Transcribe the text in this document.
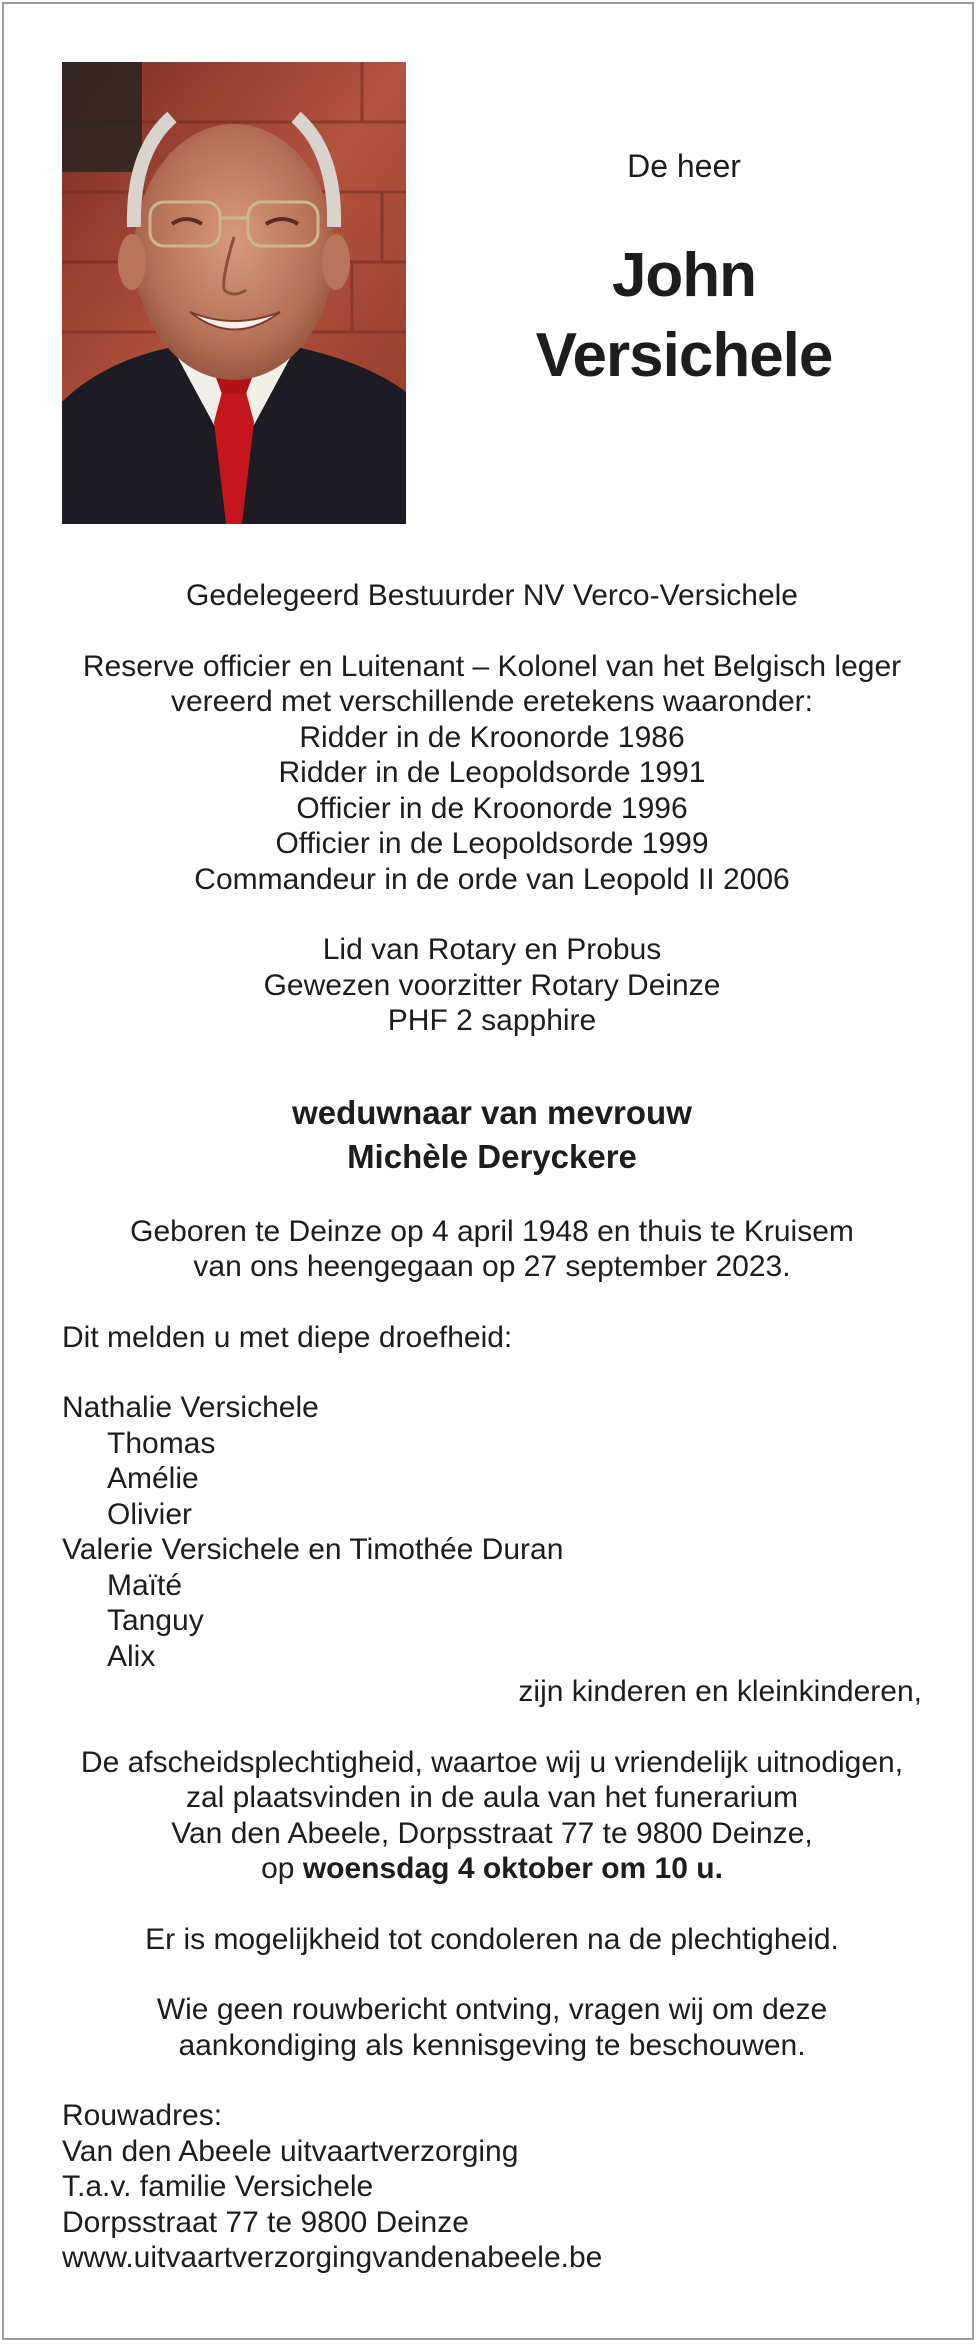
De heer

John

Versichele

Gedelegeerd Bestuurder NV Verco-Versichele
Reserve officier en Luitenant – Kolonel van het Belgisch leger
vereerd met verschillende eretekens waaronder:
Ridder in de Kroonorde 1986
Ridder in de Leopoldsorde 1991
Officier in de Kroonorde 1996
Officier in de Leopoldsorde 1999
Commandeur in de orde van Leopold II 2006
Lid van Rotary en Probus
Gewezen voorzitter Rotary Deinze
PHF 2 sapphire
weduwnaar van mevrouw
Michèle Deryckere
Geboren te Deinze op 4 april 1948 en thuis te Kruisem
van ons heengegaan op 27 september 2023.
Dit melden u met diepe droefheid:
Nathalie Versichele
Thomas
Amélie
Olivier
Valerie Versichele en Timothée Duran
Maïté
Tanguy
Alix
zijn kinderen en kleinkinderen,
De afscheidsplechtigheid, waartoe wij u vriendelijk uitnodigen,
zal plaatsvinden in de aula van het funerarium
Van den Abeele, Dorpsstraat 77 te 9800 Deinze,
op woensdag 4 oktober om 10 u.
Er is mogelijkheid tot condoleren na de plechtigheid.
Wie geen rouwbericht ontving, vragen wij om deze
aankondiging als kennisgeving te beschouwen.
Rouwadres:
Van den Abeele uitvaartverzorging
T.a.v. familie Versichele
Dorpsstraat 77 te 9800 Deinze
www.uitvaartverzorgingvandenabeele.be
